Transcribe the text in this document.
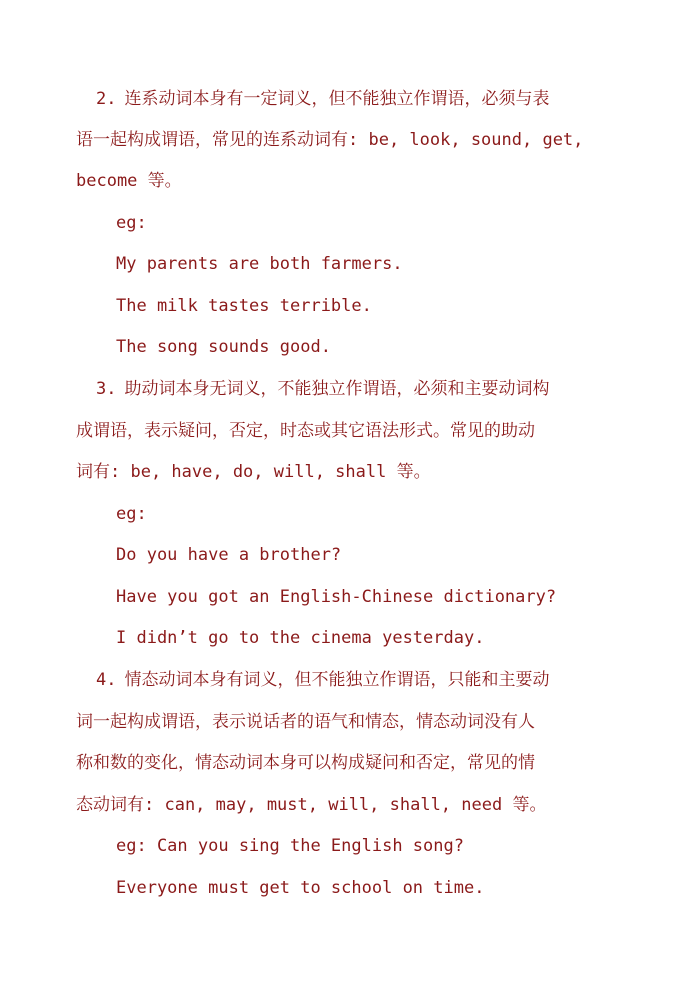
2. 连系动词本身有一定词义，但不能独立作谓语，必须与表
语一起构成谓语，常见的连系动词有: be, look, sound, get,
become 等。
eg:
My parents are both farmers.
The milk tastes terrible.
The song sounds good.
3. 助动词本身无词义，不能独立作谓语，必须和主要动词构
成谓语，表示疑问，否定，时态或其它语法形式。常见的助动
词有: be, have, do, will, shall 等。
eg:
Do you have a brother?
Have you got an English-Chinese dictionary?
I didn’t go to the cinema yesterday.
4. 情态动词本身有词义，但不能独立作谓语，只能和主要动
词一起构成谓语，表示说话者的语气和情态，情态动词没有人
称和数的变化，情态动词本身可以构成疑问和否定，常见的情
态动词有: can, may, must, will, shall, need 等。
eg: Can you sing the English song?
Everyone must get to school on time.
